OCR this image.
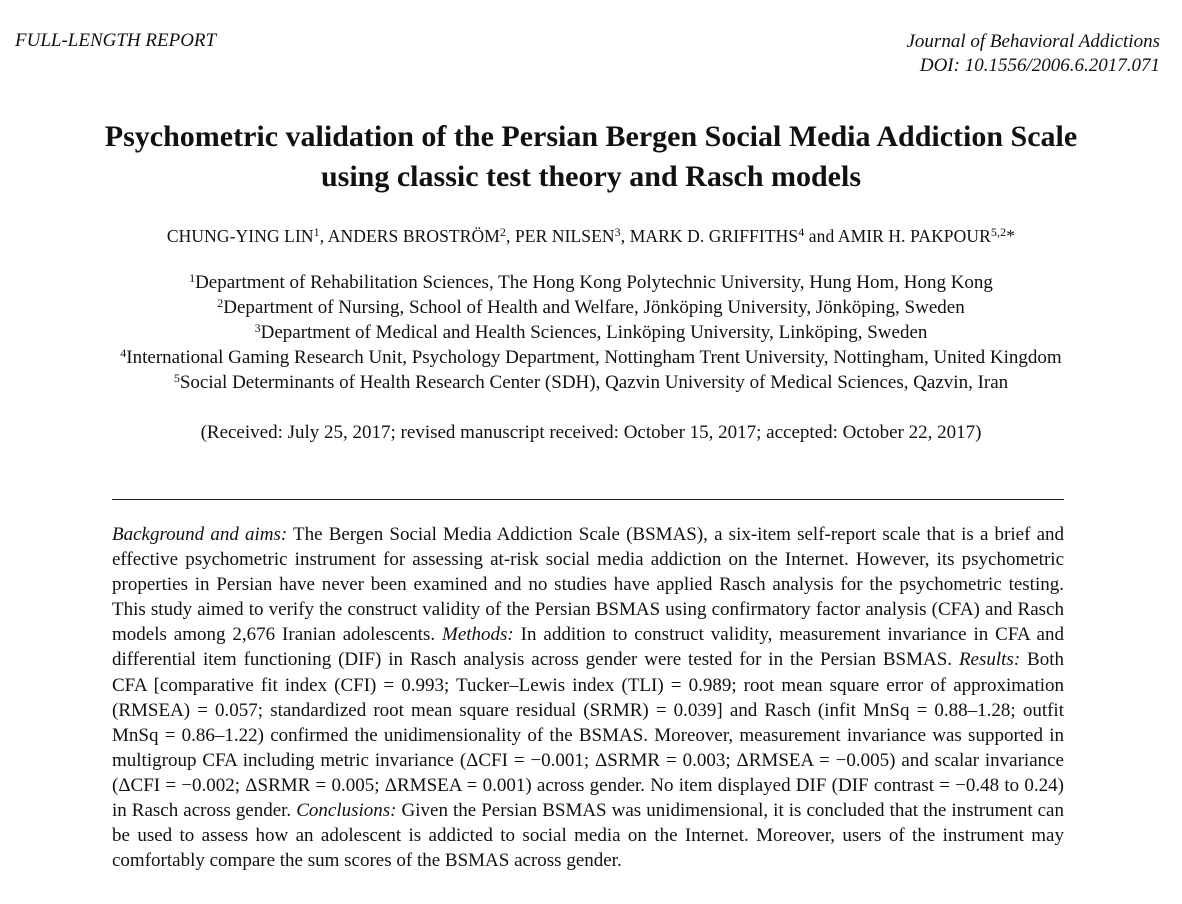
FULL-LENGTH REPORT	Journal of Behavioral Addictions
DOI: 10.1556/2006.6.2017.071
Psychometric validation of the Persian Bergen Social Media Addiction Scale
using classic test theory and Rasch models
CHUNG-YING LIN$^1$, ANDERS BROSTRÖM$^2$, PER NILSEN$^3$, MARK D. GRIFFITHS$^4$ and AMIR H. PAKPOUR$^{5,2}$*
$^1$Department of Rehabilitation Sciences, The Hong Kong Polytechnic University, Hung Hom, Hong Kong
$^2$Department of Nursing, School of Health and Welfare, Jönköping University, Jönköping, Sweden
$^3$Department of Medical and Health Sciences, Linköping University, Linköping, Sweden
$^4$International Gaming Research Unit, Psychology Department, Nottingham Trent University, Nottingham, United Kingdom
$^5$Social Determinants of Health Research Center (SDH), Qazvin University of Medical Sciences, Qazvin, Iran
(Received: July 25, 2017; revised manuscript received: October 15, 2017; accepted: October 22, 2017)
Background and aims: The Bergen Social Media Addiction Scale (BSMAS), a six-item self-report scale that is a brief and effective psychometric instrument for assessing at-risk social media addiction on the Internet. However, its psychometric properties in Persian have never been examined and no studies have applied Rasch analysis for the psychometric testing. This study aimed to verify the construct validity of the Persian BSMAS using confirmatory factor analysis (CFA) and Rasch models among 2,676 Iranian adolescents. Methods: In addition to construct validity, measurement invariance in CFA and differential item functioning (DIF) in Rasch analysis across gender were tested for in the Persian BSMAS. Results: Both CFA [comparative fit index (CFI) = 0.993; Tucker–Lewis index (TLI) = 0.989; root mean square error of approximation (RMSEA) = 0.057; standardized root mean square residual (SRMR) = 0.039] and Rasch (infit MnSq = 0.88–1.28; outfit MnSq = 0.86–1.22) confirmed the unidimensionality of the BSMAS. Moreover, measurement invariance was supported in multigroup CFA including metric invariance (ΔCFI = −0.001; ΔSRMR = 0.003; ΔRMSEA = −0.005) and scalar invariance (ΔCFI = −0.002; ΔSRMR = 0.005; ΔRMSEA = 0.001) across gender. No item displayed DIF (DIF contrast = −0.48 to 0.24) in Rasch across gender. Conclusions: Given the Persian BSMAS was unidimensional, it is concluded that the instrument can be used to assess how an adolescent is addicted to social media on the Internet. Moreover, users of the instrument may comfortably compare the sum scores of the BSMAS across gender.
